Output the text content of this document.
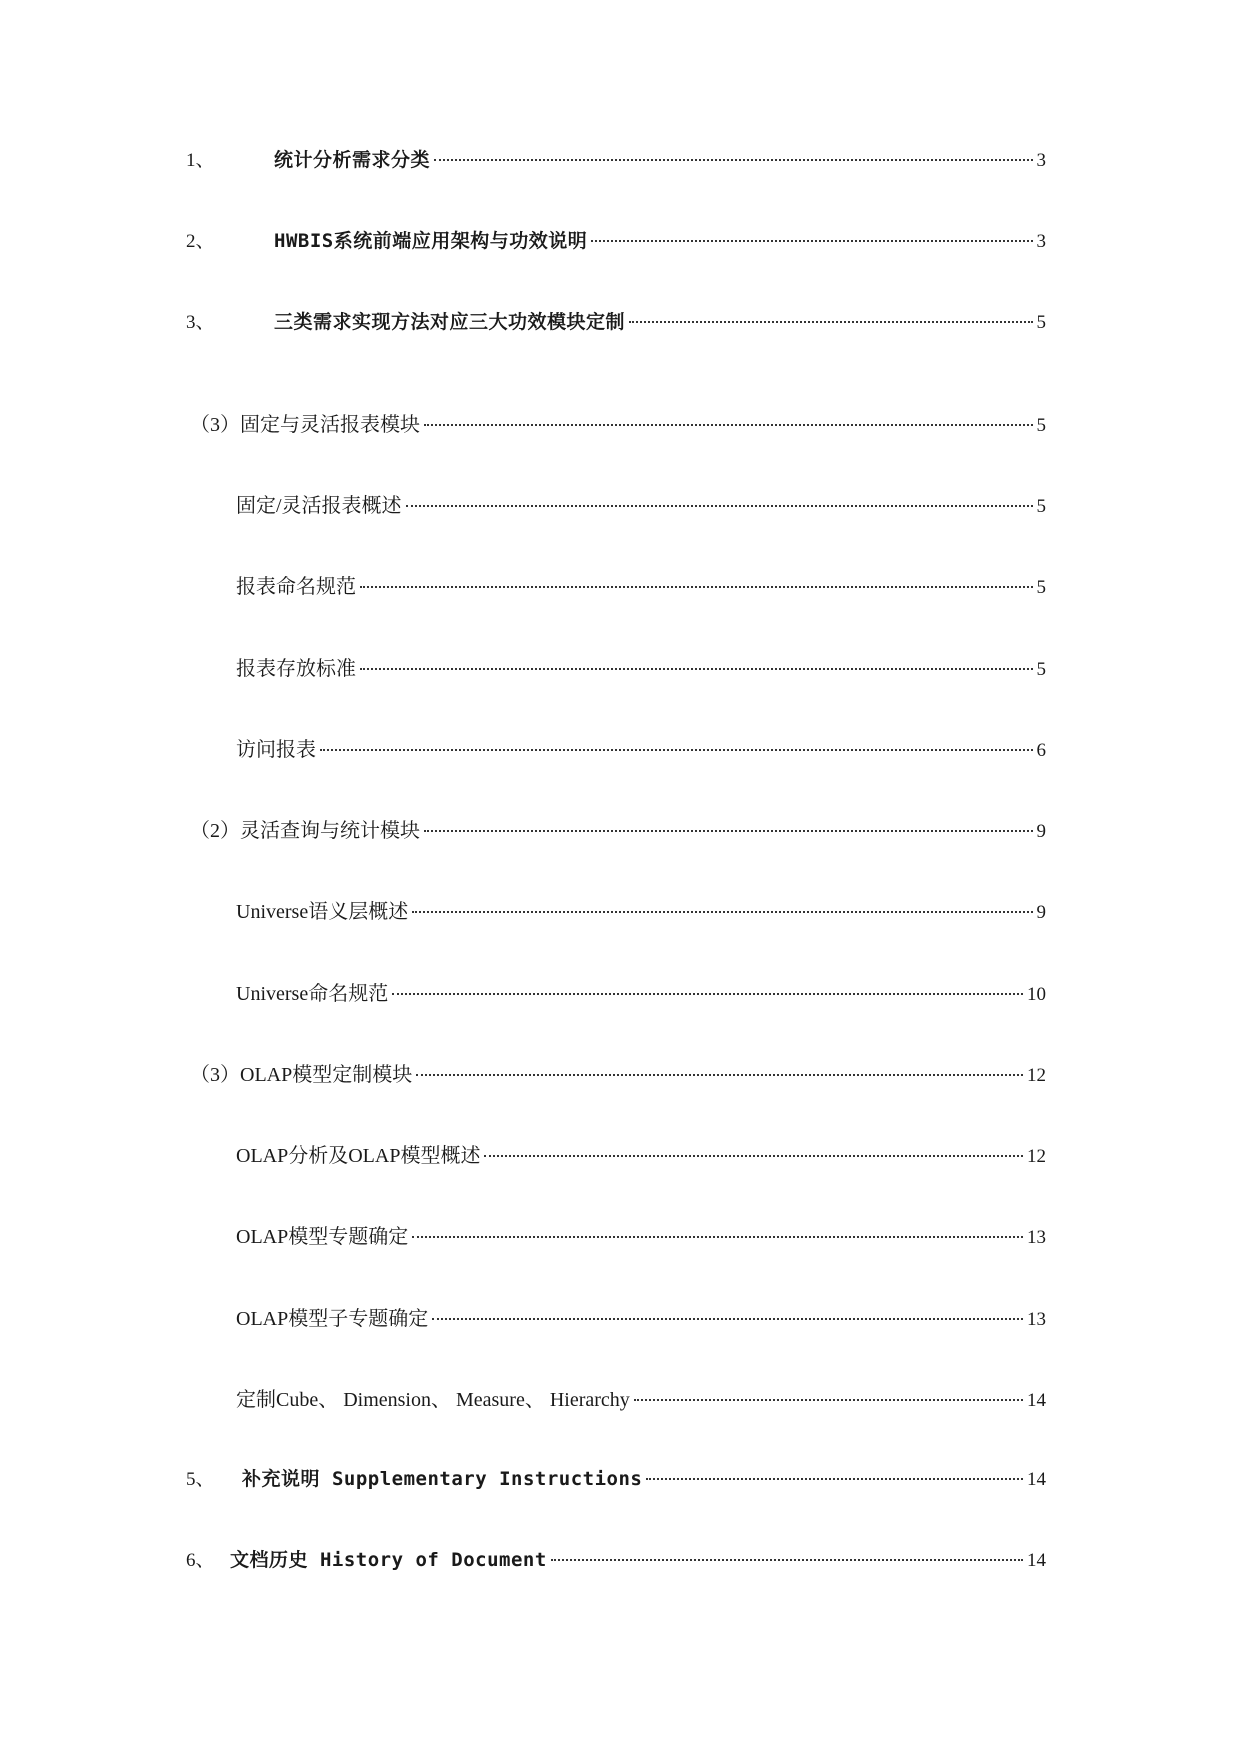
1、	统计分析需求分类	3
2、	HWBIS系统前端应用架构与功效说明	3
3、	三类需求实现方法对应三大功效模块定制	5
（3）固定与灵活报表模块	5
固定/灵活报表概述	5
报表命名规范	5
报表存放标准	5
访问报表	6
（2）灵活查询与统计模块	9
Universe语义层概述	9
Universe命名规范	10
（3）OLAP模型定制模块	12
OLAP分析及OLAP模型概述	12
OLAP模型专题确定	13
OLAP模型子专题确定	13
定制Cube、 Dimension、 Measure、 Hierarchy	14
5、	补充说明 Supplementary Instructions	14
6、 文档历史 History of Document	14
